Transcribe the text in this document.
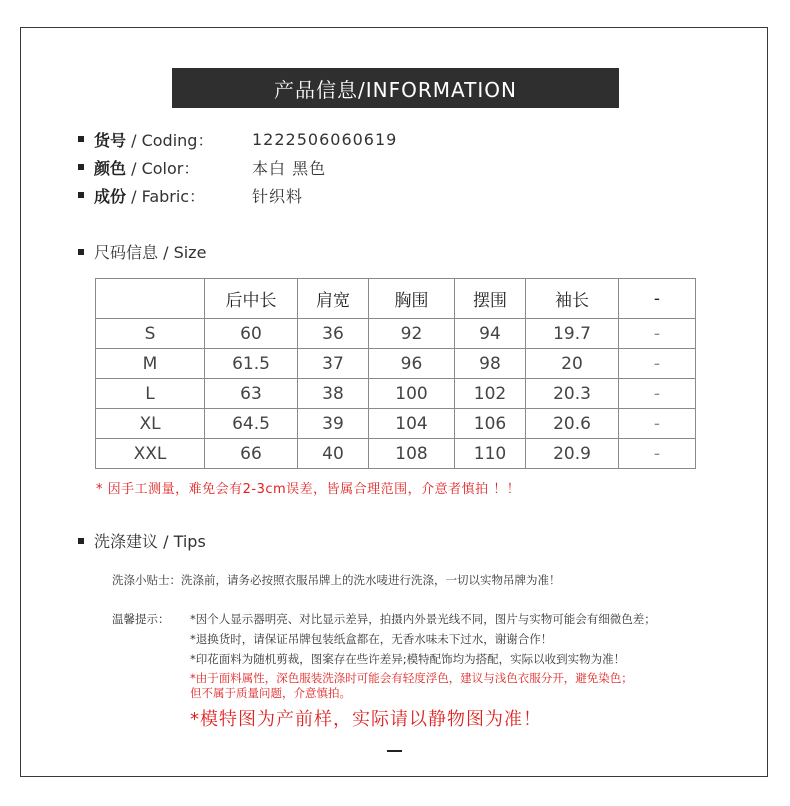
产品信息/INFORMATION
货号 / Coding：	1222506060619
颜色 / Color：	本白 黑色
成份 / Fabric：	针织料
尺码信息 / Size
	后中长	肩宽	胸围	摆围	袖长	-
S	60	36	92	94	19.7	-
M	61.5	37	96	98	20	-
L	63	38	100	102	20.3	-
XL	64.5	39	104	106	20.6	-
XXL	66	40	108	110	20.9	-
* 因手工测量，难免会有2-3cm误差，皆属合理范围，介意者慎拍 ！！
洗涤建议 / Tips
洗涤小贴士：洗涤前，请务必按照衣服吊牌上的洗水唛进行洗涤，一切以实物吊牌为准！
温馨提示： *因个人显示器明亮、对比显示差异，拍摄内外景光线不同，图片与实物可能会有细微色差；
*退换货时，请保证吊牌包装纸盒都在，无香水味未下过水，谢谢合作！
*印花面料为随机剪裁，图案存在些许差异;模特配饰均为搭配，实际以收到实物为准！
*由于面料属性，深色服装洗涤时可能会有轻度浮色，建议与浅色衣服分开，避免染色；
但不属于质量问题，介意慎拍。
*模特图为产前样，实际请以静物图为准！
